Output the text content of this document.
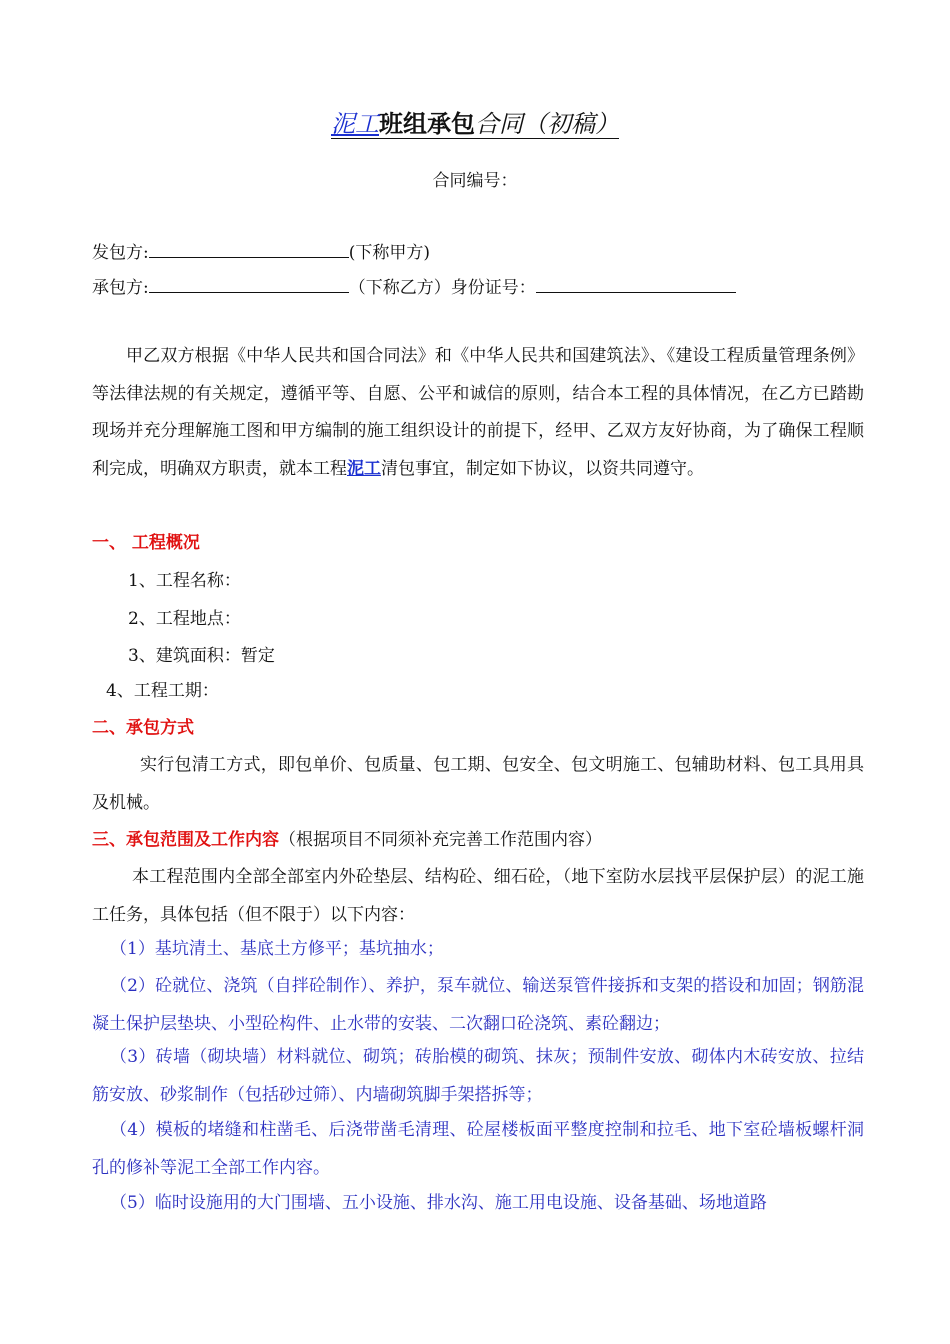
泥工班组承包合同（初稿）
合同编号：
发包方:	(下称甲方)
承包方:	（下称乙方）身份证号：
甲乙双方根据《中华人民共和国合同法》和《中华人民共和国建筑法》、《建设工程质量管理条例》等法律法规的有关规定，遵循平等、自愿、公平和诚信的原则，结合本工程的具体情况，在乙方已踏勘现场并充分理解施工图和甲方编制的施工组织设计的前提下，经甲、乙双方友好协商，为了确保工程顺利完成，明确双方职责，就本工程泥工清包事宜，制定如下协议，以资共同遵守。
一、 工程概况
1、工程名称：
2、工程地点：
3、建筑面积：暂定
4、工程工期：
二、承包方式
实行包清工方式，即包单价、包质量、包工期、包安全、包文明施工、包辅助材料、包工具用具及机械。
三、承包范围及工作内容（根据项目不同须补充完善工作范围内容）
本工程范围内全部全部室内外砼垫层、结构砼、细石砼，（地下室防水层找平层保护层）的泥工施工任务，具体包括（但不限于）以下内容：
（1）基坑清土、基底土方修平；基坑抽水；
（2）砼就位、浇筑（自拌砼制作）、养护，泵车就位、输送泵管件接拆和支架的搭设和加固；钢筋混凝土保护层垫块、小型砼构件、止水带的安装、二次翻口砼浇筑、素砼翻边；
（3）砖墙（砌块墙）材料就位、砌筑；砖胎模的砌筑、抹灰；预制件安放、砌体内木砖安放、拉结筋安放、砂浆制作（包括砂过筛）、内墙砌筑脚手架搭拆等；
（4）模板的堵缝和柱凿毛、后浇带凿毛清理、砼屋楼板面平整度控制和拉毛、地下室砼墙板螺杆洞孔的修补等泥工全部工作内容。
（5）临时设施用的大门围墙、五小设施、排水沟、施工用电设施、设备基础、场地道路
